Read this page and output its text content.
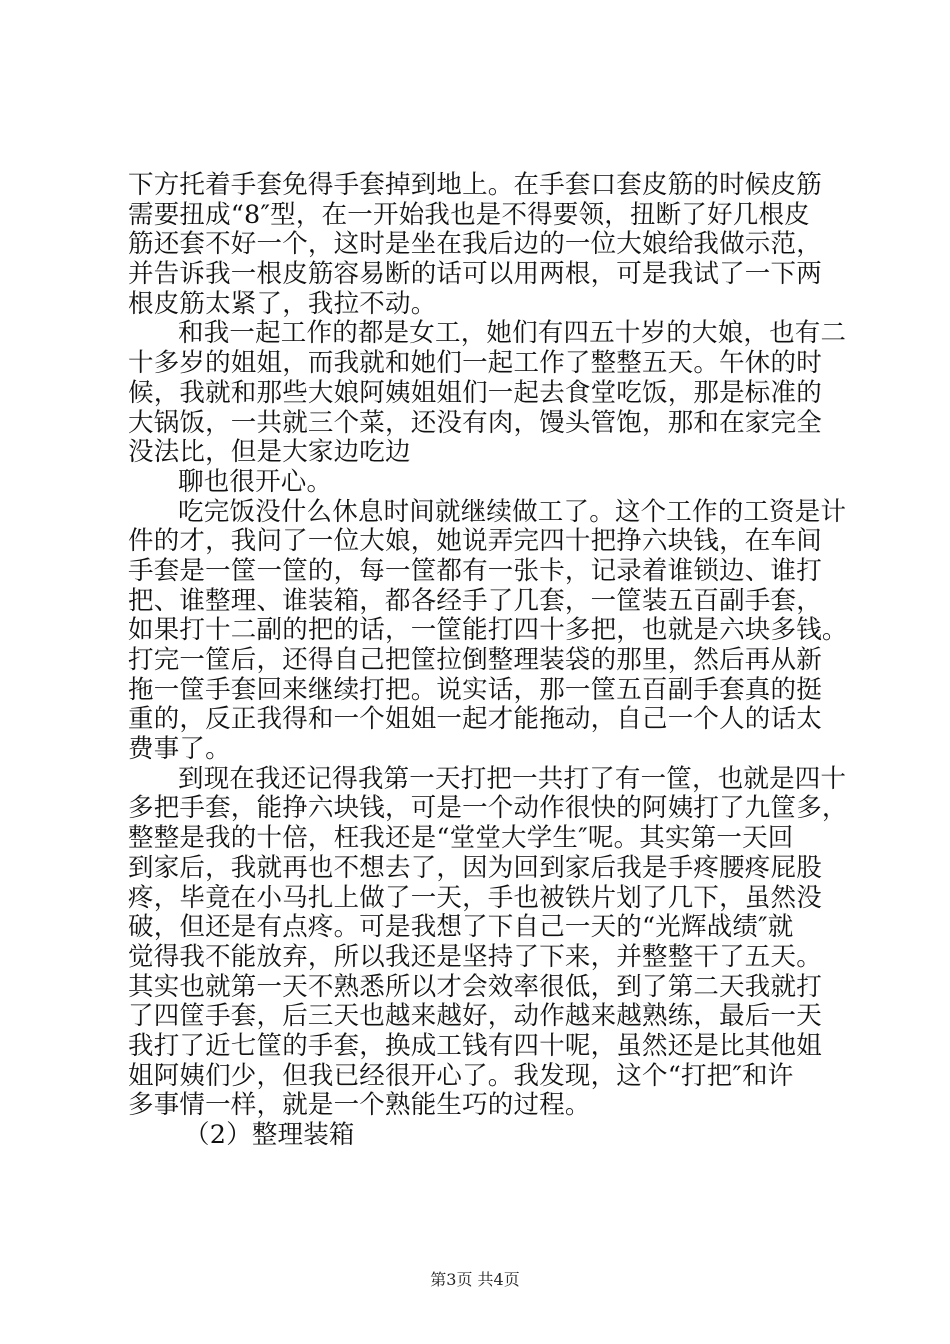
下方托着手套免得手套掉到地上。在手套口套皮筋的时候皮筋
需要扭成“8″型，在一开始我也是不得要领，扭断了好几根皮
筋还套不好一个，这时是坐在我后边的一位大娘给我做示范，
并告诉我一根皮筋容易断的话可以用两根，可是我试了一下两
根皮筋太紧了，我拉不动。
和我一起工作的都是女工，她们有四五十岁的大娘，也有二
十多岁的姐姐，而我就和她们一起工作了整整五天。午休的时
候，我就和那些大娘阿姨姐姐们一起去食堂吃饭，那是标准的
大锅饭，一共就三个菜，还没有肉，馒头管饱，那和在家完全
没法比，但是大家边吃边
聊也很开心。
吃完饭没什么休息时间就继续做工了。这个工作的工资是计
件的才，我问了一位大娘，她说弄完四十把挣六块钱，在车间
手套是一筐一筐的，每一筐都有一张卡，记录着谁锁边、谁打
把、谁整理、谁装箱，都各经手了几套，一筐装五百副手套，
如果打十二副的把的话，一筐能打四十多把，也就是六块多钱。
打完一筐后，还得自己把筐拉倒整理装袋的那里，然后再从新
拖一筐手套回来继续打把。说实话，那一筐五百副手套真的挺
重的，反正我得和一个姐姐一起才能拖动，自己一个人的话太
费事了。
到现在我还记得我第一天打把一共打了有一筐，也就是四十
多把手套，能挣六块钱，可是一个动作很快的阿姨打了九筐多，
整整是我的十倍，枉我还是“堂堂大学生″呢。其实第一天回
到家后，我就再也不想去了，因为回到家后我是手疼腰疼屁股
疼，毕竟在小马扎上做了一天，手也被铁片划了几下，虽然没
破，但还是有点疼。可是我想了下自己一天的“光辉战绩″就
觉得我不能放弃，所以我还是坚持了下来，并整整干了五天。
其实也就第一天不熟悉所以才会效率很低，到了第二天我就打
了四筐手套，后三天也越来越好，动作越来越熟练，最后一天
我打了近七筐的手套，换成工钱有四十呢，虽然还是比其他姐
姐阿姨们少，但我已经很开心了。我发现，这个“打把″和许
多事情一样，就是一个熟能生巧的过程。
（2）整理装箱
第3页 共4页
